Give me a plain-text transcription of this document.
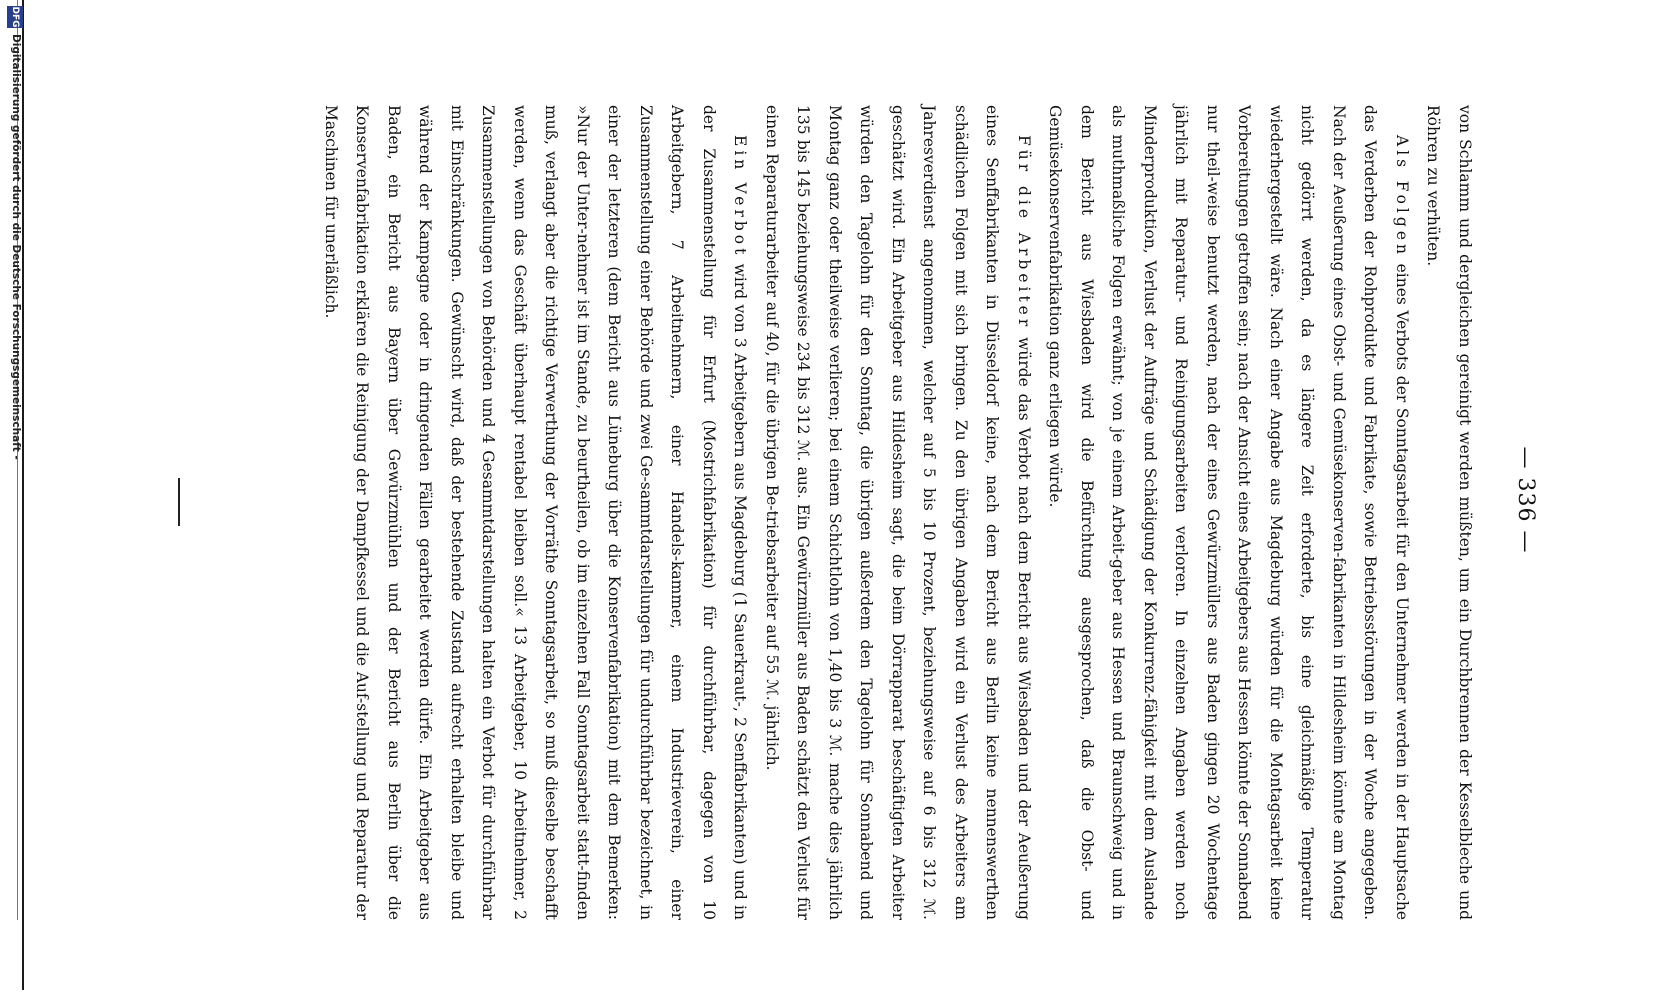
— 336 —

von Schlamm und dergleichen gereinigt werden müßten, um ein Durchbrennen der Kesselbleche und Röhren zu verhüten.

Als Folgen eines Verbots der Sonntagsarbeit für den Unternehmer werden in der Hauptsache das Verderben der Rohprodukte und Fabrikate, sowie Betriebsstörungen in der Woche angegeben. Nach der Aeußerung eines Obst- und Gemüsekonserven-fabrikanten in Hildesheim könnte am Montag nicht gedörrt werden, da es längere Zeit erforderte, bis eine gleichmäßige Temperatur wiederhergestellt wäre. Nach einer Angabe aus Magdeburg würden für die Montagsarbeit keine Vorbereitungen getroffen sein; nach der Ansicht eines Arbeitgebers aus Hessen könnte der Sonnabend nur theil-weise benutzt werden, nach der eines Gewürzmüllers aus Baden gingen 20 Wochentage jährlich mit Reparatur- und Reinigungsarbeiten verloren. In einzelnen Angaben werden noch Minderproduktion, Verlust der Aufträge und Schädigung der Konkurrenz-fähigkeit mit dem Auslande als muthmaßliche Folgen erwähnt; von je einem Arbeit-geber aus Hessen und Braunschweig und in dem Bericht aus Wiesbaden wird die Befürchtung ausgesprochen, daß die Obst- und Gemüsekonservenfabrikation ganz erliegen würde.

Für die Arbeiter würde das Verbot nach dem Bericht aus Wiesbaden und der Aeußerung eines Senffabrikanten in Düsseldorf keine, nach dem Bericht aus Berlin keine nennenswerthen schädlichen Folgen mit sich bringen. Zu den übrigen Angaben wird ein Verlust des Arbeiters am Jahresverdienst angenommen, welcher auf 5 bis 10 Prozent, beziehungsweise auf 6 bis 312 ℳ. geschätzt wird. Ein Arbeitgeber aus Hildesheim sagt, die beim Dörrapparat beschäftigten Arbeiter würden den Tagelohn für den Sonntag, die übrigen außerdem den Tagelohn für Sonnabend und Montag ganz oder theilweise verlieren; bei einem Schichtlohn von 1,40 bis 3 ℳ. mache dies jährlich 135 bis 145 beziehungsweise 234 bis 312 ℳ. aus. Ein Gewürzmüller aus Baden schätzt den Verlust für einen Reparaturarbeiter auf 40, für die übrigen Be-triebsarbeiter auf 55 ℳ. jährlich.

Ein Verbot wird von 3 Arbeitgebern aus Magdeburg (1 Sauerkraut-, 2 Senffabrikanten) und in der Zusammenstellung für Erfurt (Mostrichfabrikation) für durchführbar, dagegen von 10 Arbeitgebern, 7 Arbeitnehmern, einer Handels-kammer, einem Industrieverein, einer Zusammenstellung einer Behörde und zwei Ge-sammtdarstellungen für undurchführbar bezeichnet, in einer der letzteren (dem Bericht aus Lüneburg über die Konservenfabrikation) mit dem Bemerken: »Nur der Unter-nehmer ist im Stande, zu beurtheilen, ob im einzelnen Fall Sonntagsarbeit statt-finden muß, verlangt aber die richtige Verwerthung der Vorräthe Sonntagsarbeit, so muß dieselbe beschafft werden, wenn das Geschäft überhaupt rentabel bleiben soll.« 13 Arbeitgeber, 10 Arbeitnehmer, 2 Zusammenstellungen von Behörden und 4 Gesammtdarstellungen halten ein Verbot für durchführbar mit Einschränkungen. Gewünscht wird, daß der bestehende Zustand aufrecht erhalten bleibe und während der Kampagne oder in dringenden Fällen gearbeitet werden dürfe. Ein Arbeitgeber aus Baden, ein Bericht aus Bayern über Gewürzmühlen und der Bericht aus Berlin über die Konservenfabrikation erklären die Reinigung der Dampfkessel und die Auf-stellung und Reparatur der Maschinen für unerläßlich.

DFG
Digitalisierung gefördert durch die Deutsche Forschungsgemeinschaft -
